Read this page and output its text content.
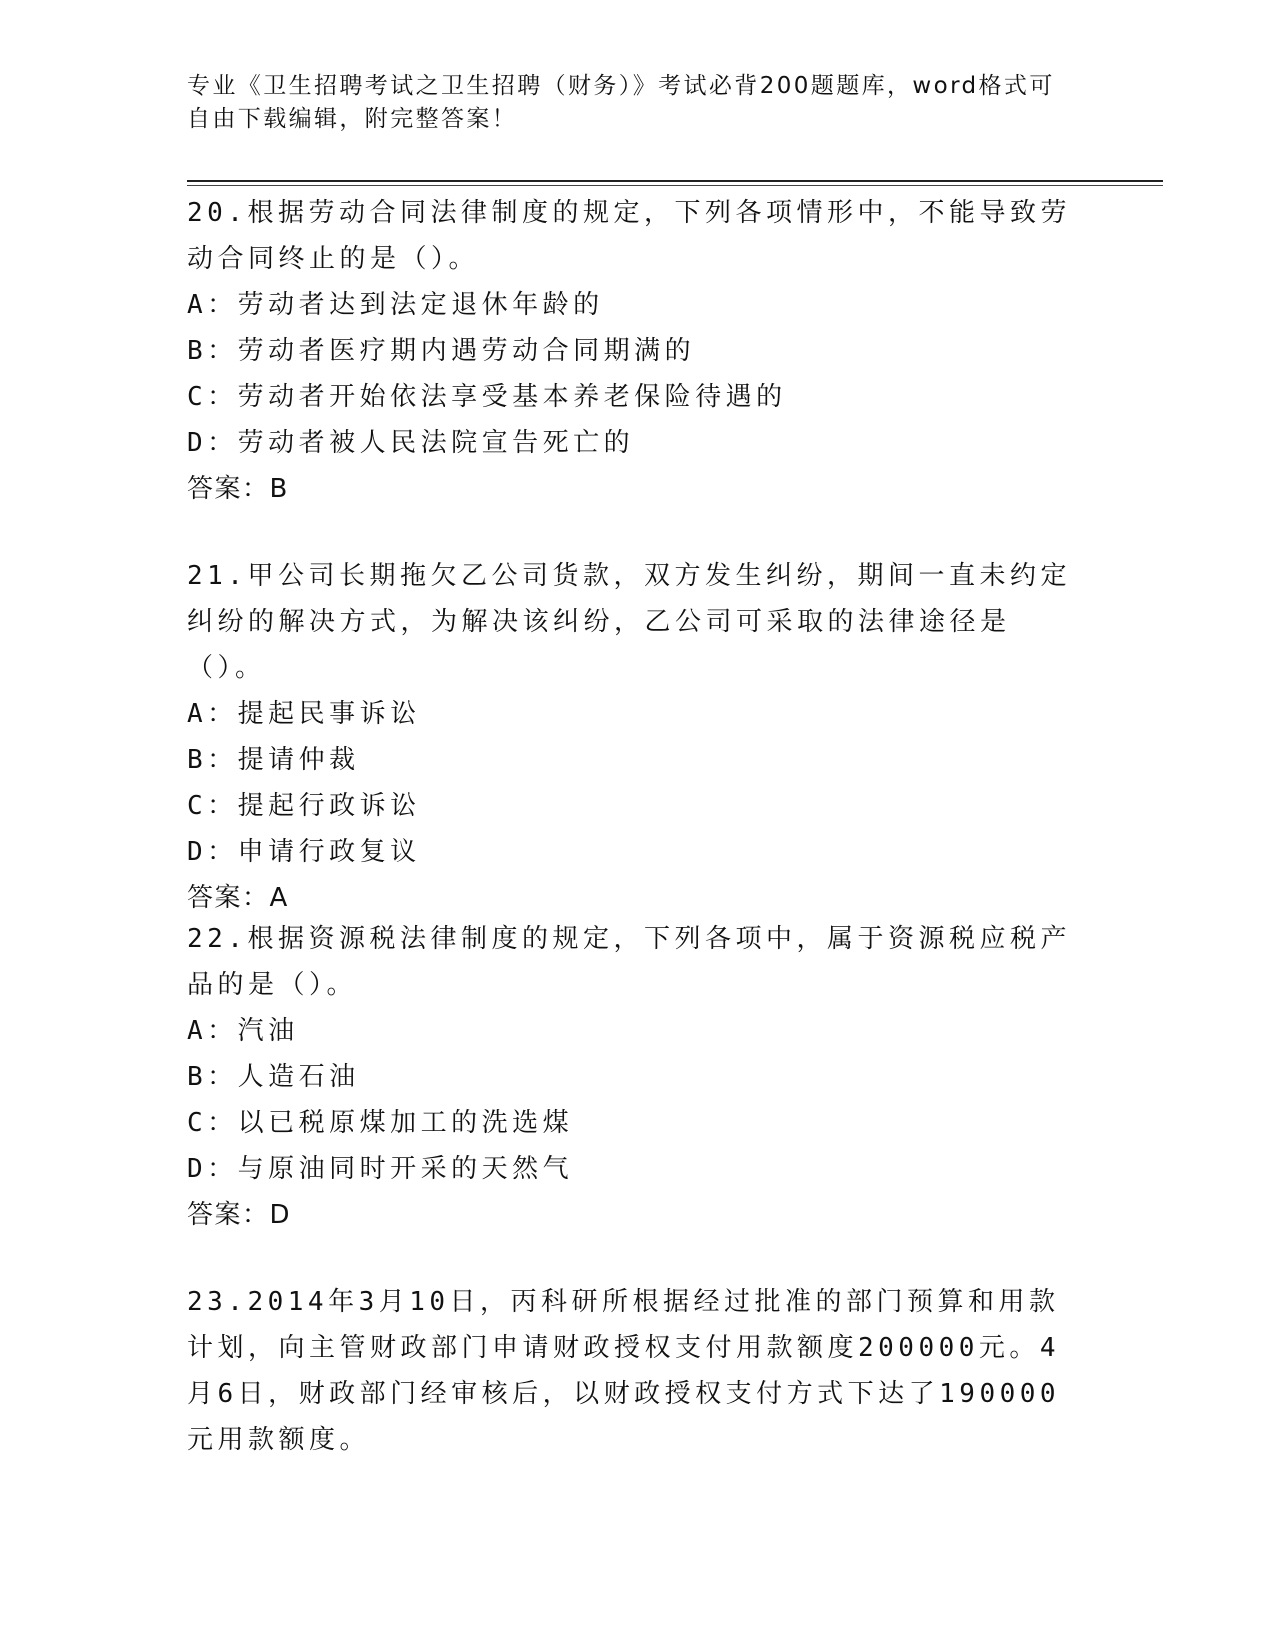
专业《卫生招聘考试之卫生招聘（财务）》考试必背200题题库，word格式可自由下载编辑，附完整答案！

20.根据劳动合同法律制度的规定，下列各项情形中，不能导致劳动合同终止的是（）。

A：劳动者达到法定退休年龄的

B：劳动者医疗期内遇劳动合同期满的

C：劳动者开始依法享受基本养老保险待遇的

D：劳动者被人民法院宣告死亡的

答案：B

21.甲公司长期拖欠乙公司货款，双方发生纠纷，期间一直未约定纠纷的解决方式，为解决该纠纷，乙公司可采取的法律途径是（）。

A：提起民事诉讼

B：提请仲裁

C：提起行政诉讼

D：申请行政复议

答案：A

22.根据资源税法律制度的规定，下列各项中，属于资源税应税产品的是（）。

A：汽油

B：人造石油

C：以已税原煤加工的洗选煤

D：与原油同时开采的天然气

答案：D

23.2014年3月10日，丙科研所根据经过批准的部门预算和用款计划，向主管财政部门申请财政授权支付用款额度200000元。4月6日，财政部门经审核后，以财政授权支付方式下达了190000元用款额度。
